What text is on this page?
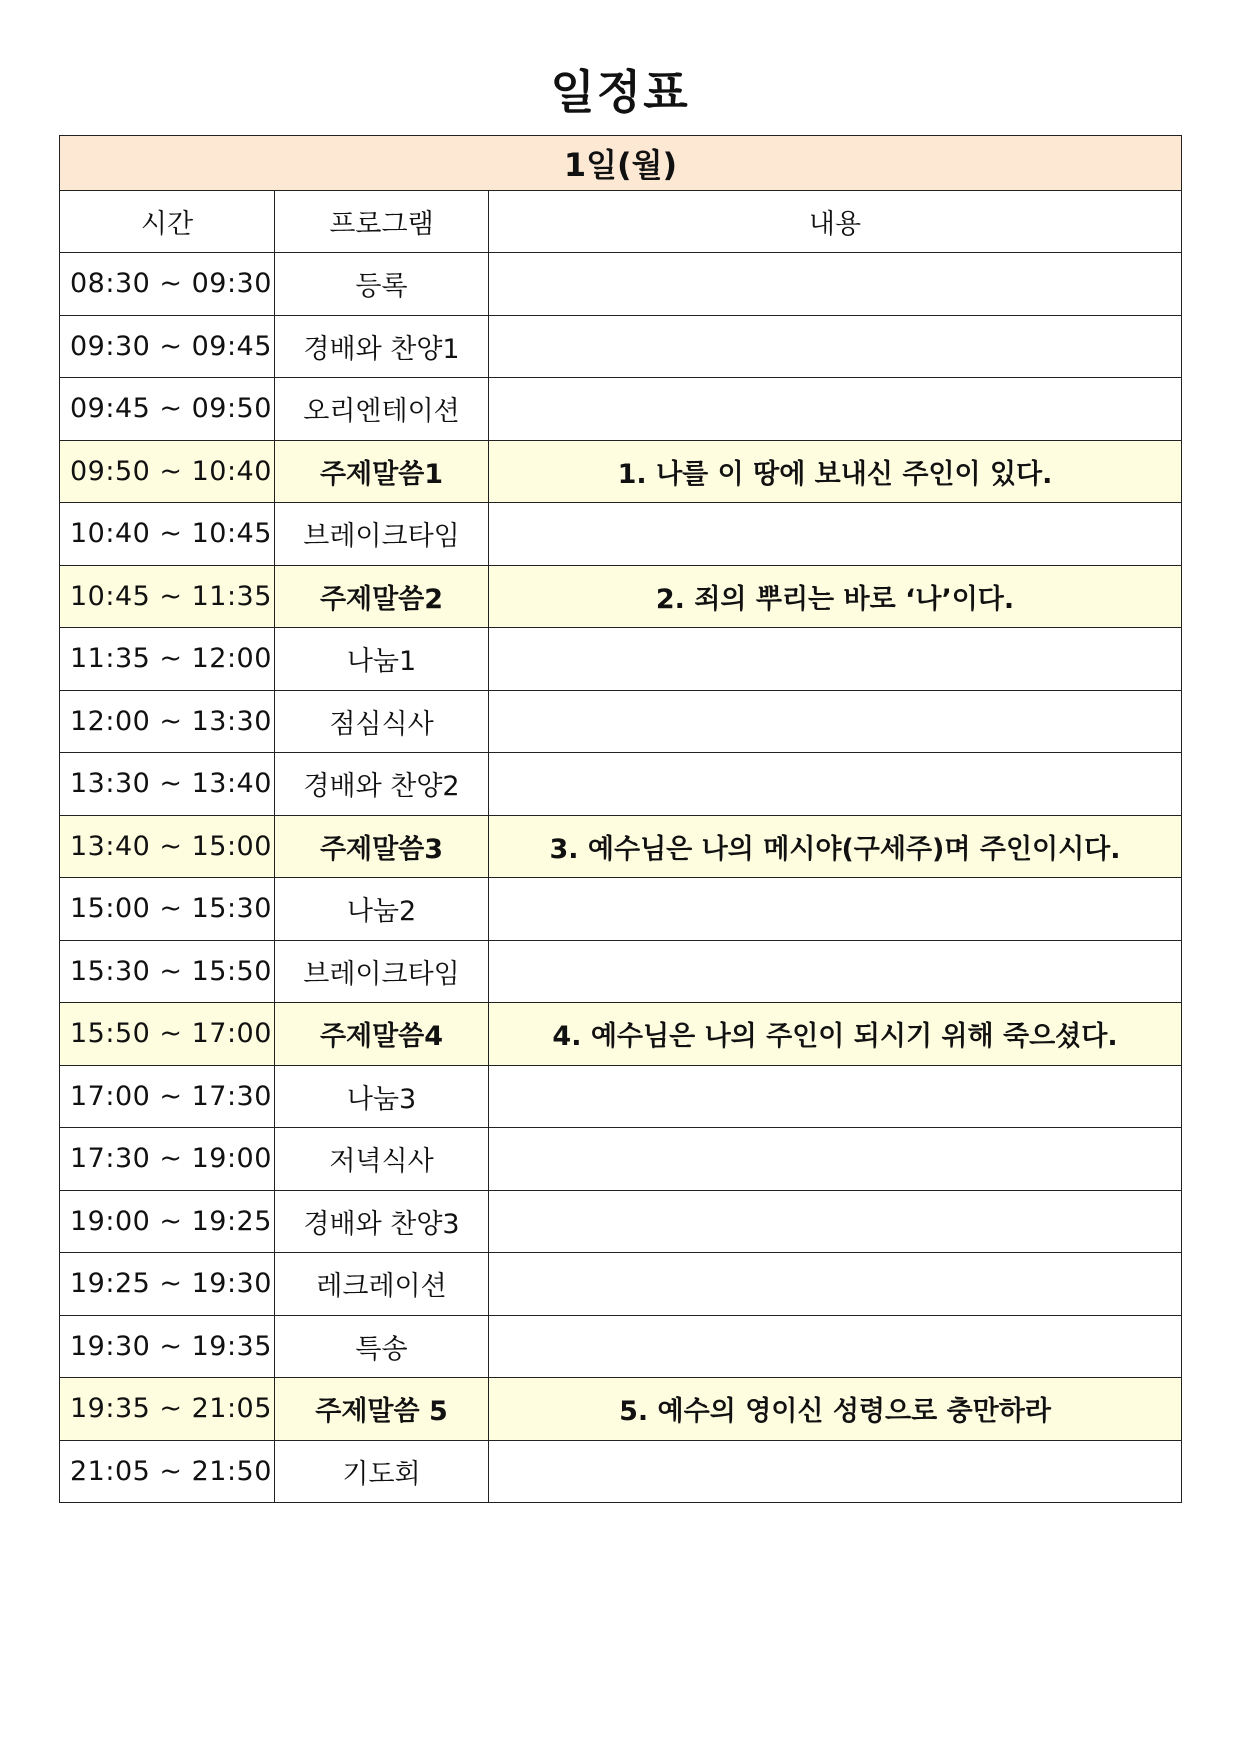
일정표
1일(월)		
시간	프로그램	내용
08:30 ~ 09:30	등록	
09:30 ~ 09:45	경배와 찬양1	
09:45 ~ 09:50	오리엔테이션	
09:50 ~ 10:40	주제말씀1	1. 나를 이 땅에 보내신 주인이 있다.
10:40 ~ 10:45	브레이크타임	
10:45 ~ 11:35	주제말씀2	2. 죄의 뿌리는 바로 ‘나’이다.
11:35 ~ 12:00	나눔1	
12:00 ~ 13:30	점심식사	
13:30 ~ 13:40	경배와 찬양2	
13:40 ~ 15:00	주제말씀3	3. 예수님은 나의 메시야(구세주)며 주인이시다.
15:00 ~ 15:30	나눔2	
15:30 ~ 15:50	브레이크타임	
15:50 ~ 17:00	주제말씀4	4. 예수님은 나의 주인이 되시기 위해 죽으셨다.
17:00 ~ 17:30	나눔3	
17:30 ~ 19:00	저녁식사	
19:00 ~ 19:25	경배와 찬양3	
19:25 ~ 19:30	레크레이션	
19:30 ~ 19:35	특송	
19:35 ~ 21:05	주제말씀 5	5. 예수의 영이신 성령으로 충만하라
21:05 ~ 21:50	기도회	
